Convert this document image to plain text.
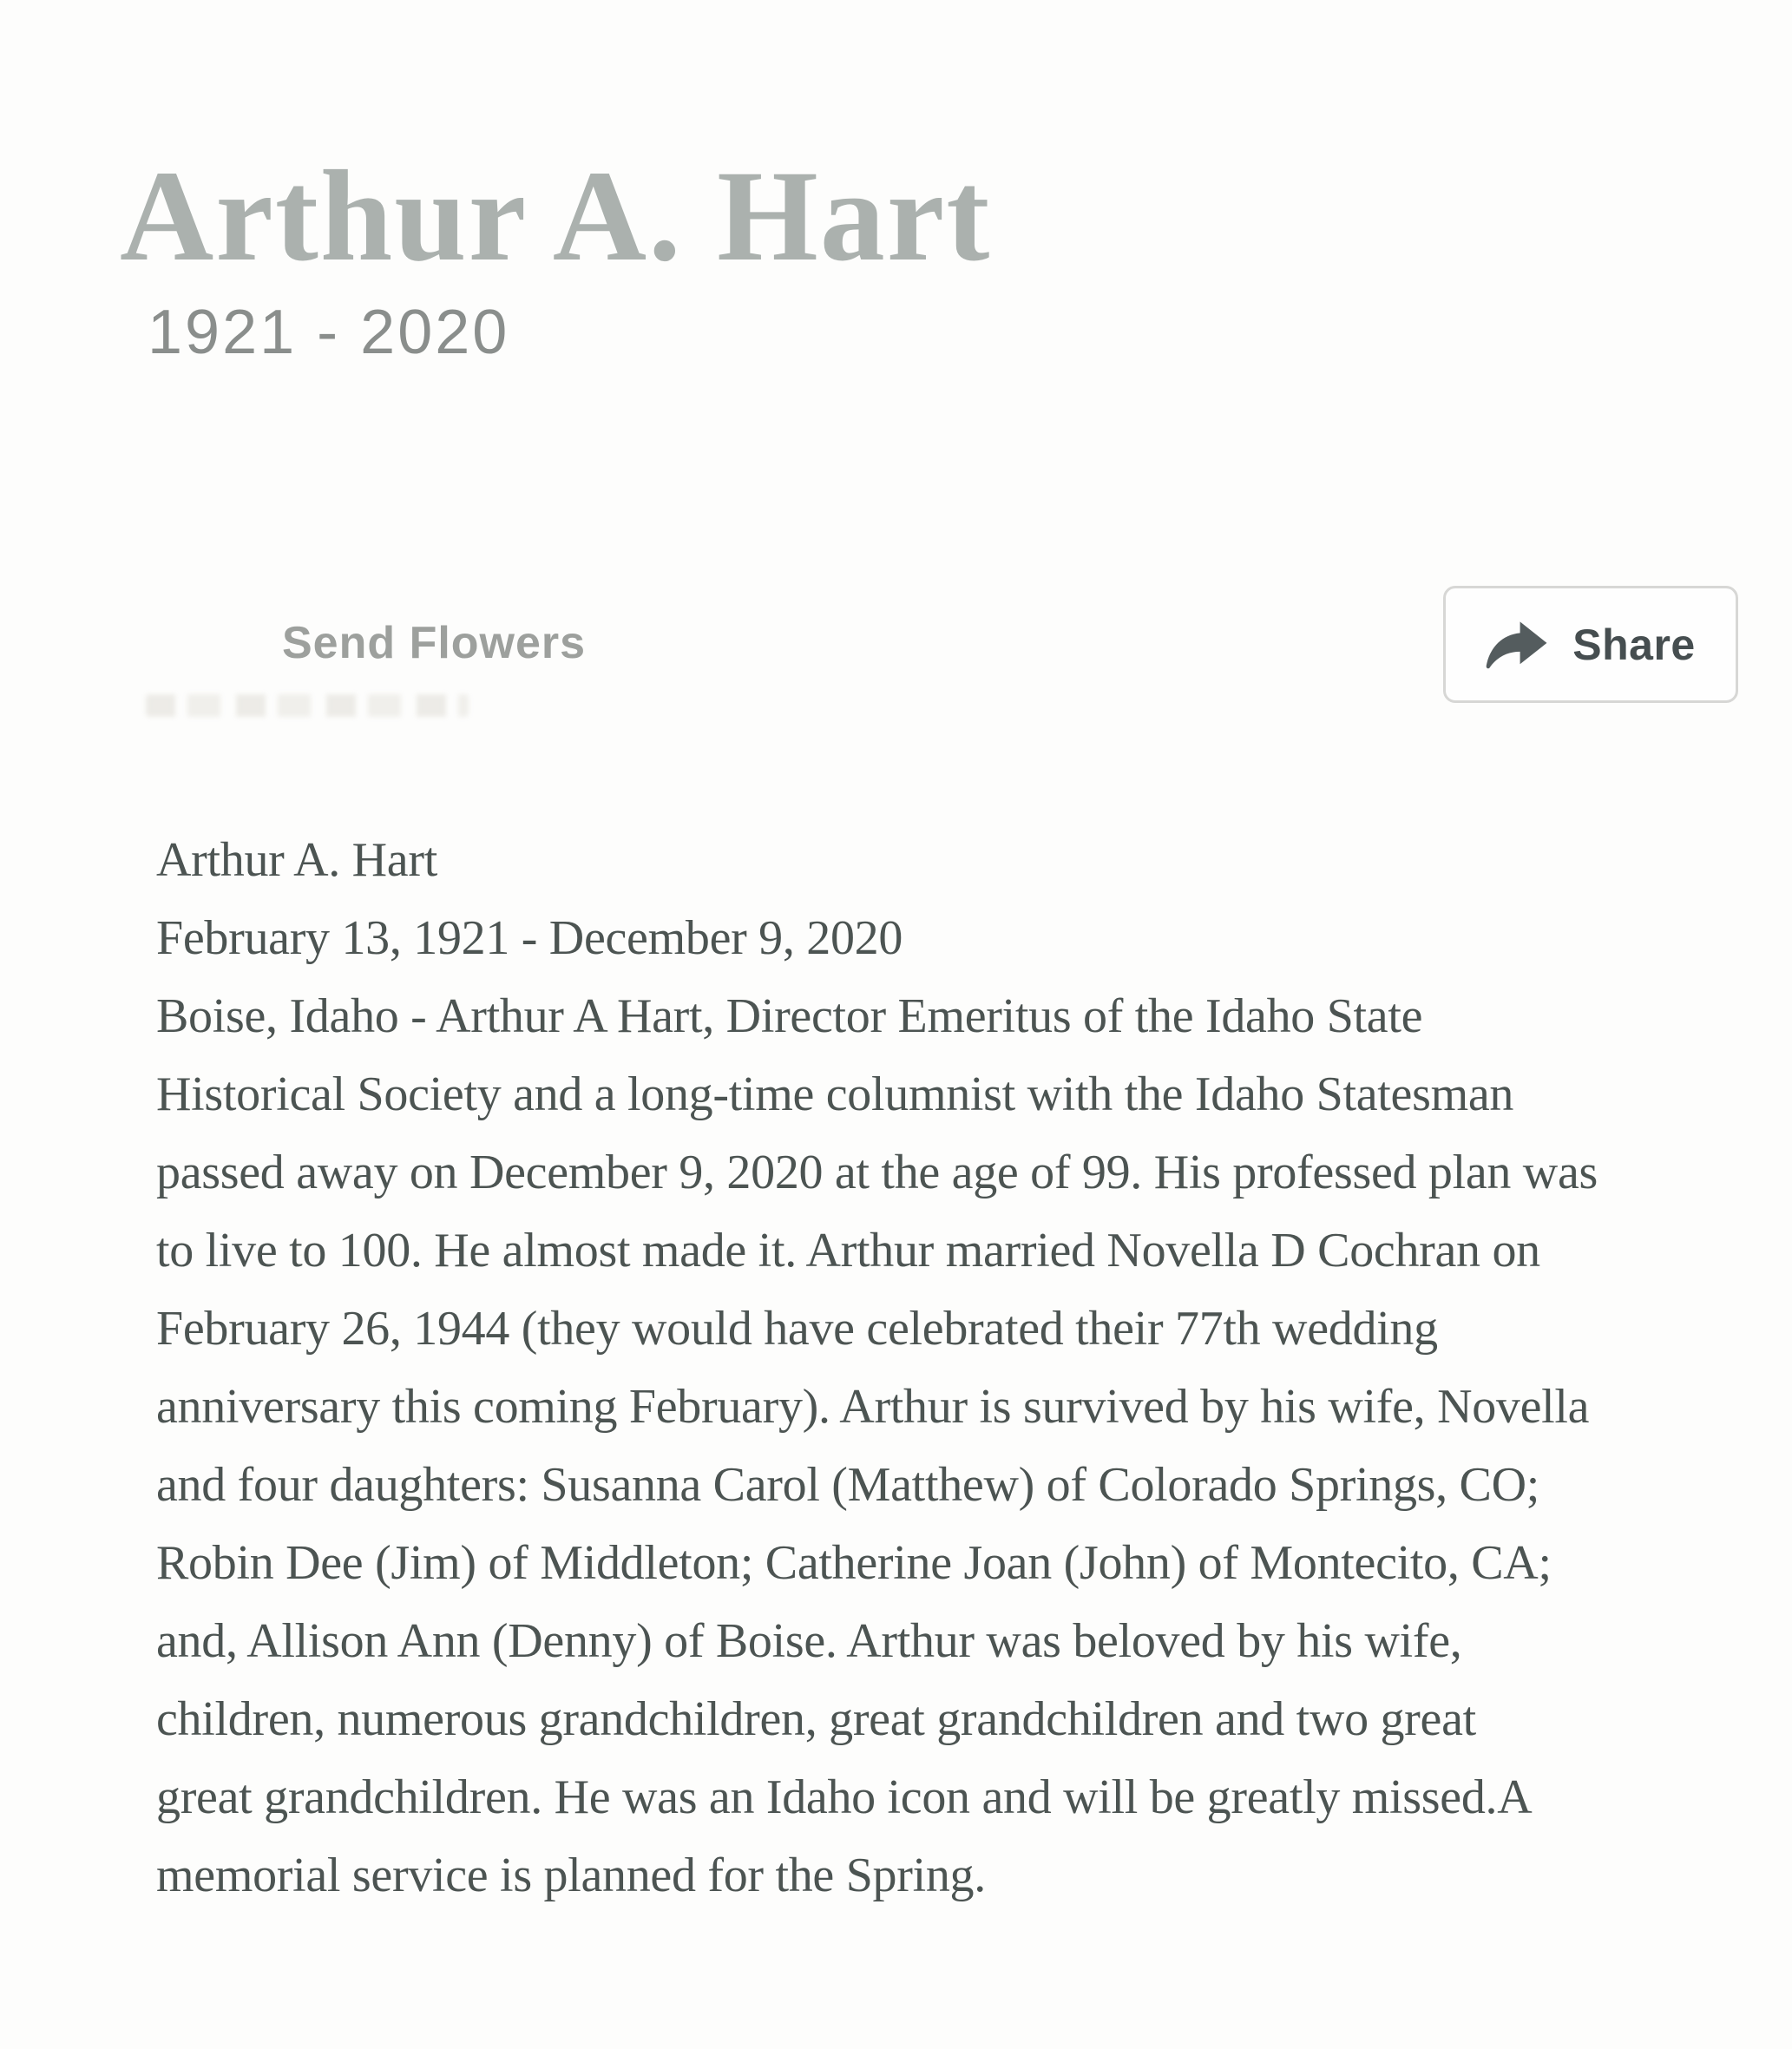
Arthur A. Hart
1921 - 2020
Send Flowers	Share
Arthur A. Hart
February 13, 1921 - December 9, 2020
Boise, Idaho - Arthur A Hart, Director Emeritus of the Idaho State
Historical Society and a long-time columnist with the Idaho Statesman
passed away on December 9, 2020 at the age of 99. His professed plan was
to live to 100. He almost made it. Arthur married Novella D Cochran on
February 26, 1944 (they would have celebrated their 77th wedding
anniversary this coming February). Arthur is survived by his wife, Novella
and four daughters: Susanna Carol (Matthew) of Colorado Springs, CO;
Robin Dee (Jim) of Middleton; Catherine Joan (John) of Montecito, CA;
and, Allison Ann (Denny) of Boise. Arthur was beloved by his wife,
children, numerous grandchildren, great grandchildren and two great
great grandchildren. He was an Idaho icon and will be greatly missed.A
memorial service is planned for the Spring.
